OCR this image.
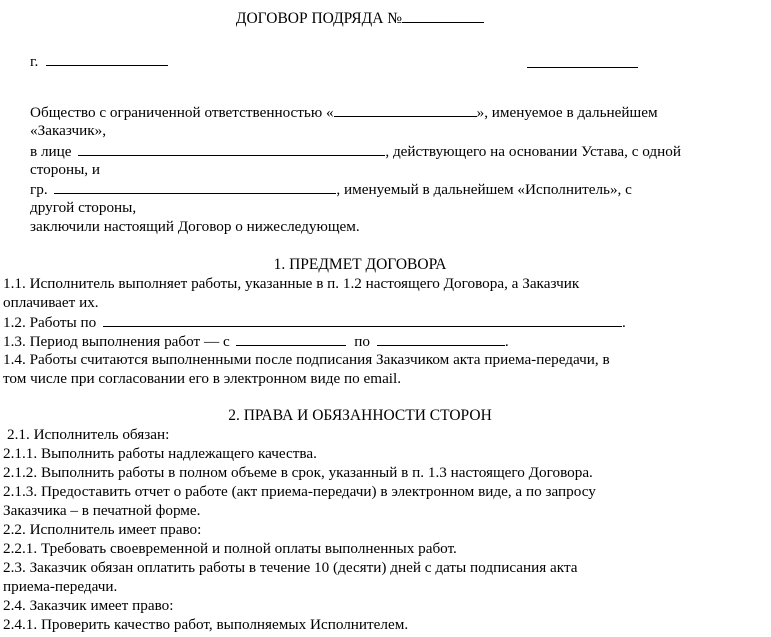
ДОГОВОР ПОДРЯДА №
г.
Общество с ограниченной ответственностью «	», именуемое в дальнейшем
«Заказчик»,
в лице	, действующего на основании Устава, с одной
стороны, и
гр.	, именуемый в дальнейшем «Исполнитель», с
другой стороны,
заключили настоящий Договор о нижеследующем.
1. ПРЕДМЕТ ДОГОВОРА
1.1. Исполнитель выполняет работы, указанные в п. 1.2 настоящего Договора, а Заказчик
оплачивает их.
1.2. Работы по	.
1.3. Период выполнения работ — с	по	.
1.4. Работы считаются выполненными после подписания Заказчиком акта приема-передачи, в
том числе при согласовании его в электронном виде по email.
2. ПРАВА И ОБЯЗАННОСТИ СТОРОН
2.1. Исполнитель обязан:
2.1.1. Выполнить работы надлежащего качества.
2.1.2. Выполнить работы в полном объеме в срок, указанный в п. 1.3 настоящего Договора.
2.1.3. Предоставить отчет о работе (акт приема-передачи) в электронном виде, а по запросу
Заказчика – в печатной форме.
2.2. Исполнитель имеет право:
2.2.1. Требовать своевременной и полной оплаты выполненных работ.
2.3. Заказчик обязан оплатить работы в течение 10 (десяти) дней с даты подписания акта
приема-передачи.
2.4. Заказчик имеет право:
2.4.1. Проверить качество работ, выполняемых Исполнителем.
